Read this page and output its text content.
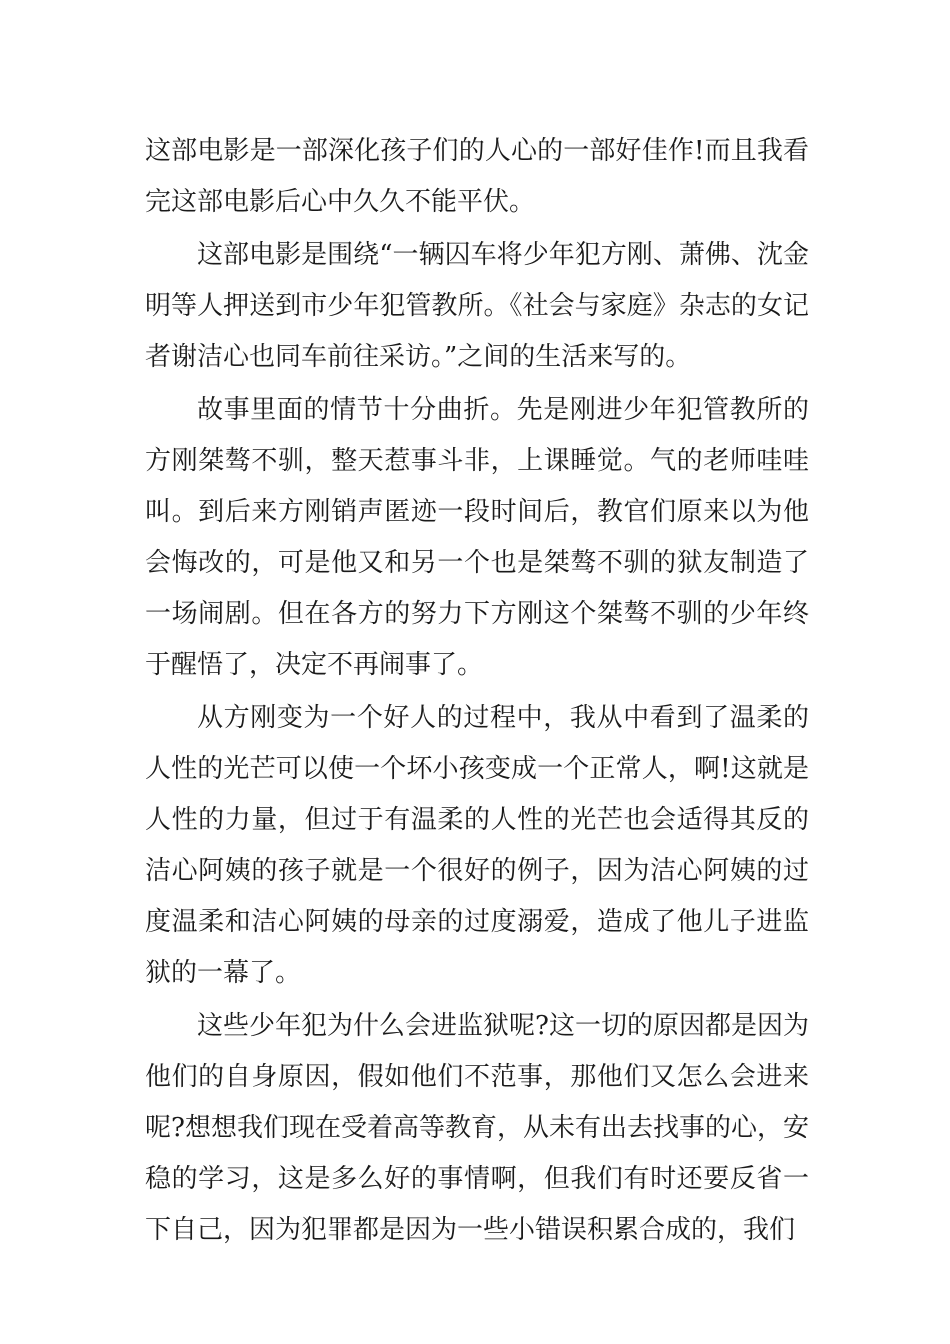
这部电影是一部深化孩子们的人心的一部好佳作!而且我看完这部电影后心中久久不能平伏。

这部电影是围绕“一辆囚车将少年犯方刚、萧佛、沈金明等人押送到市少年犯管教所。《社会与家庭》杂志的女记者谢洁心也同车前往采访。”之间的生活来写的。

故事里面的情节十分曲折。先是刚进少年犯管教所的方刚桀骜不驯，整天惹事斗非，上课睡觉。气的老师哇哇叫。到后来方刚销声匿迹一段时间后，教官们原来以为他会悔改的，可是他又和另一个也是桀骜不驯的狱友制造了一场闹剧。但在各方的努力下方刚这个桀骜不驯的少年终于醒悟了，决定不再闹事了。

从方刚变为一个好人的过程中，我从中看到了温柔的人性的光芒可以使一个坏小孩变成一个正常人，啊!这就是人性的力量，但过于有温柔的人性的光芒也会适得其反的洁心阿姨的孩子就是一个很好的例子，因为洁心阿姨的过度温柔和洁心阿姨的母亲的过度溺爱，造成了他儿子进监狱的一幕了。

这些少年犯为什么会进监狱呢?这一切的原因都是因为他们的自身原因，假如他们不范事，那他们又怎么会进来呢?想想我们现在受着高等教育，从未有出去找事的心，安稳的学习，这是多么好的事情啊，但我们有时还要反省一下自己，因为犯罪都是因为一些小错误积累合成的，我们
